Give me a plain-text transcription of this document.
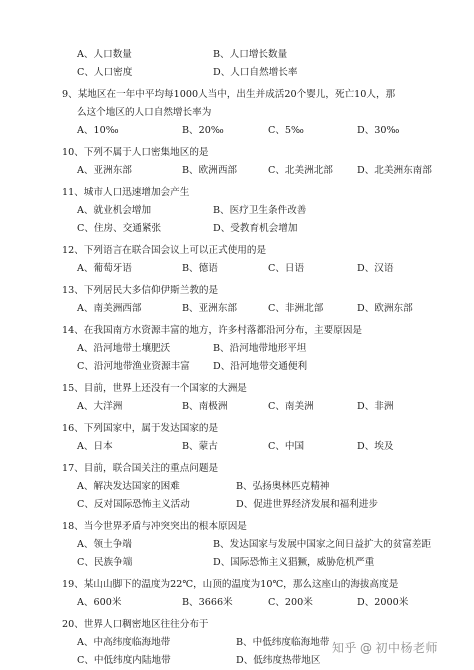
A、人口数量	B、人口增长数量
C、人口密度	D、人口自然增长率
9、某地区在一年中平均每1000人当中，出生并成活20个婴儿，死亡10人，那
么这个地区的人口自然增长率为
A、10‰	B、20‰	C、5‰	D、30‰
10、下列不属于人口密集地区的是
A、亚洲东部	B、欧洲西部	C、北美洲北部	D、北美洲东南部
11、城市人口迅速增加会产生
A、就业机会增加	B、医疗卫生条件改善
C、住房、交通紧张	D、受教育机会增加
12、下列语言在联合国会议上可以正式使用的是
A、葡萄牙语	B、德语	C、日语	D、汉语
13、下列居民大多信仰伊斯兰教的是
A、南美洲西部	B、亚洲东部	C、非洲北部	D、欧洲东部
14、在我国南方水资源丰富的地方，许多村落都沿河分布，主要原因是
A、沿河地带土壤肥沃	B、沿河地带地形平坦
C、沿河地带渔业资源丰富 D、沿河地带交通便利
15、目前，世界上还没有一个国家的大洲是
A、大洋洲	B、南极洲	C、南美洲	D、非洲
16、下列国家中，属于发达国家的是
A、日本	B、蒙古	C、中国	D、埃及
17、目前，联合国关注的重点问题是
A、解决发达国家的困难	B、弘扬奥林匹克精神
C、反对国际恐怖主义活动	D、促进世界经济发展和福利进步
18、当今世界矛盾与冲突突出的根本原因是
A、领土争端	B、发达国家与发展中国家之间日益扩大的贫富差距
C、民族争端	D、国际恐怖主义猖獗，威胁危机严重
19、某山山脚下的温度为22℃，山顶的温度为10℃，那么这座山的海拔高度是
A、600米	B、3666米	C、200米	D、2000米
20、世界人口稠密地区往往分布于
A、中高纬度临海地带	B、中低纬度临海地带
C、中低纬度内陆地带	D、低纬度热带地区
知乎 @ 初中杨老师
